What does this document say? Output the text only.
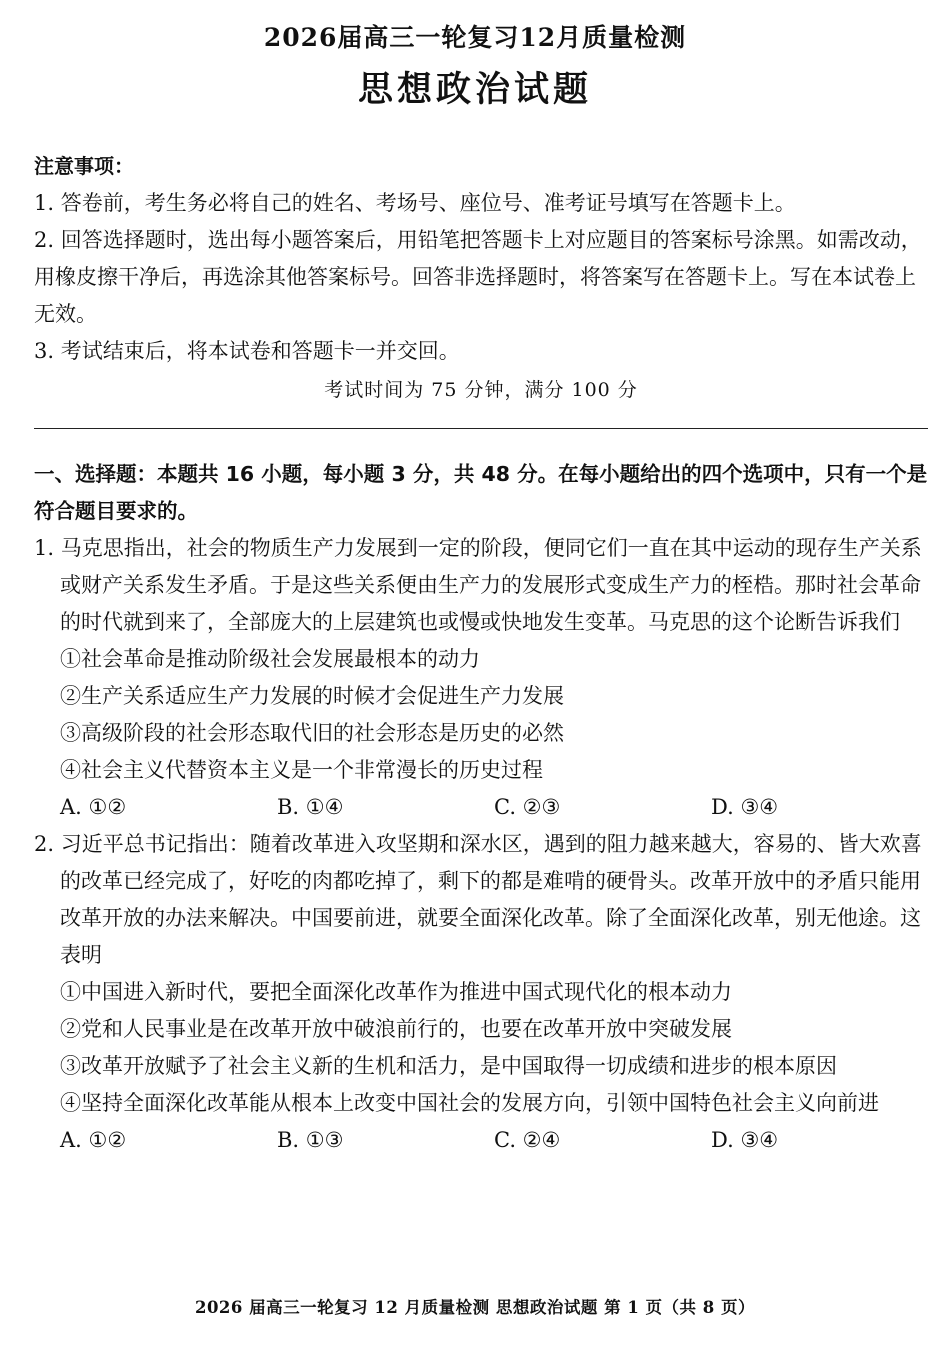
2026届高三一轮复习12月质量检测
思想政治试题
注意事项：
1. 答卷前，考生务必将自己的姓名、考场号、座位号、准考证号填写在答题卡上。
2. 回答选择题时，选出每小题答案后，用铅笔把答题卡上对应题目的答案标号涂黑。如需改动，用橡皮擦干净后，再选涂其他答案标号。回答非选择题时，将答案写在答题卡上。写在本试卷上无效。
3. 考试结束后，将本试卷和答题卡一并交回。
考试时间为 75 分钟，满分 100 分
一、选择题：本题共 16 小题，每小题 3 分，共 48 分。在每小题给出的四个选项中，只有一个是符合题目要求的。
1. 马克思指出，社会的物质生产力发展到一定的阶段，便同它们一直在其中运动的现存生产关系或财产关系发生矛盾。于是这些关系便由生产力的发展形式变成生产力的桎梏。那时社会革命的时代就到来了，全部庞大的上层建筑也或慢或快地发生变革。马克思的这个论断告诉我们
①社会革命是推动阶级社会发展最根本的动力
②生产关系适应生产力发展的时候才会促进生产力发展
③高级阶段的社会形态取代旧的社会形态是历史的必然
④社会主义代替资本主义是一个非常漫长的历史过程
A. ①②	B. ①④	C. ②③	D. ③④
2. 习近平总书记指出：随着改革进入攻坚期和深水区，遇到的阻力越来越大，容易的、皆大欢喜的改革已经完成了，好吃的肉都吃掉了，剩下的都是难啃的硬骨头。改革开放中的矛盾只能用改革开放的办法来解决。中国要前进，就要全面深化改革。除了全面深化改革，别无他途。这表明
①中国进入新时代，要把全面深化改革作为推进中国式现代化的根本动力
②党和人民事业是在改革开放中破浪前行的，也要在改革开放中突破发展
③改革开放赋予了社会主义新的生机和活力，是中国取得一切成绩和进步的根本原因
④坚持全面深化改革能从根本上改变中国社会的发展方向，引领中国特色社会主义向前进
A. ①②	B. ①③	C. ②④	D. ③④
2026 届高三一轮复习 12 月质量检测 思想政治试题 第 1 页（共 8 页）
